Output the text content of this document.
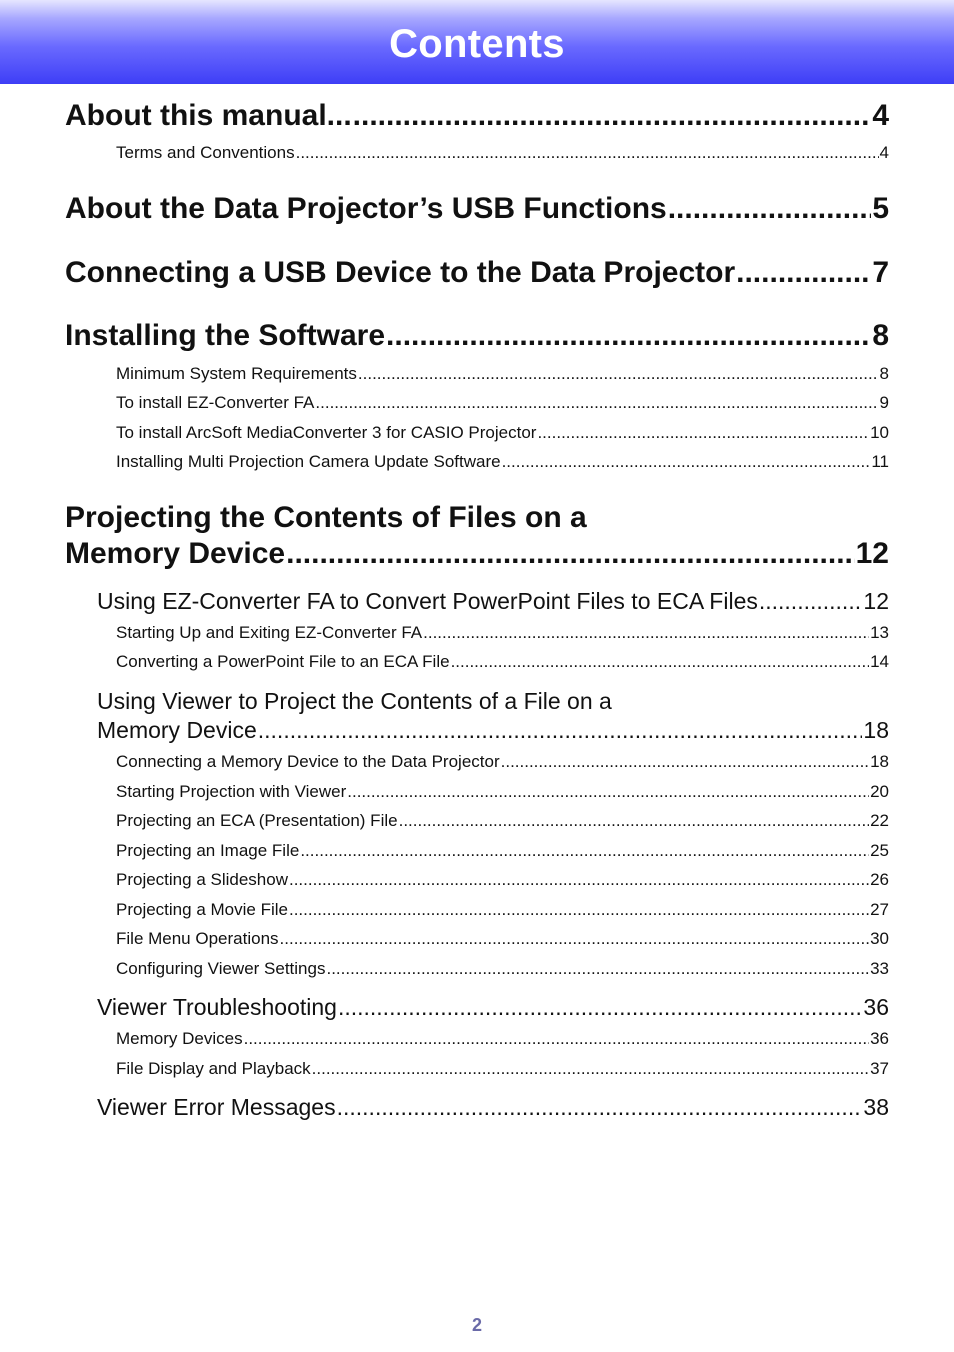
Contents
About this manual... .....	4
Terms and Conventions .....	4
About the Data Projector’s USB Functions .....	5
Connecting a USB Device to the Data Projector .....	7
Installing the Software .....	8
Minimum System Requirements .....	8
To install EZ-Converter FA .....	9
To install ArcSoft MediaConverter 3 for CASIO Projector .....	10
Installing Multi Projection Camera Update Software .....	11
Projecting the Contents of Files on a
Memory Device .....	12
Using EZ-Converter FA to Convert PowerPoint Files to ECA Files .....	12
Starting Up and Exiting EZ-Converter FA .....	13
Converting a PowerPoint File to an ECA File .....	14
Using Viewer to Project the Contents of a File on a
Memory Device .....	18
Connecting a Memory Device to the Data Projector .....	18
Starting Projection with Viewer .....	20
Projecting an ECA (Presentation) File .....	22
Projecting an Image File .....	25
Projecting a Slideshow .....	26
Projecting a Movie File .....	27
File Menu Operations .....	30
Configuring Viewer Settings .....	33
Viewer Troubleshooting .....	36
Memory Devices .....	36
File Display and Playback .....	37
Viewer Error Messages .....	38
2
